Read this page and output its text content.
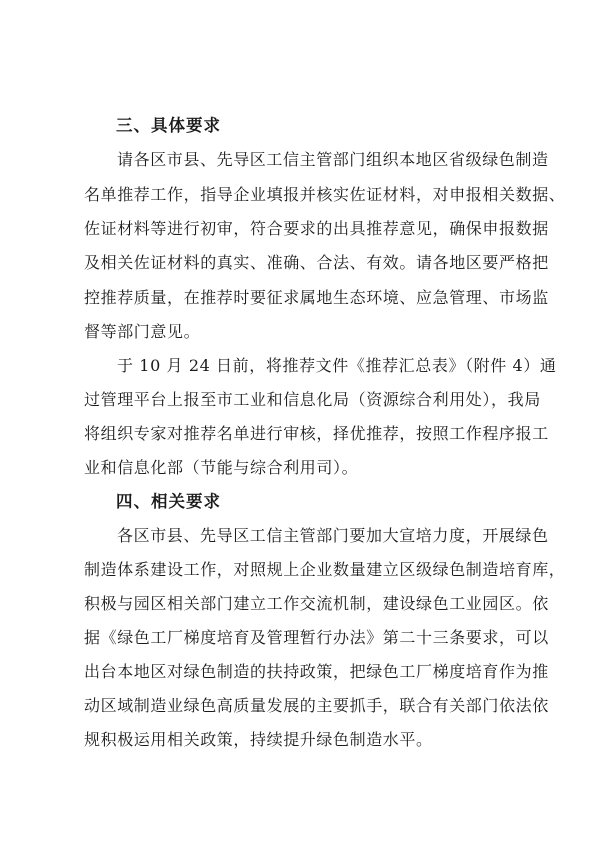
三、具体要求
请各区市县、先导区工信主管部门组织本地区省级绿色制造
名单推荐工作，指导企业填报并核实佐证材料，对申报相关数据、
佐证材料等进行初审，符合要求的出具推荐意见，确保申报数据
及相关佐证材料的真实、准确、合法、有效。请各地区要严格把
控推荐质量，在推荐时要征求属地生态环境、应急管理、市场监
督等部门意见。
于 10 月 24 日前，将推荐文件《推荐汇总表》（附件 4）通
过管理平台上报至市工业和信息化局（资源综合利用处），我局
将组织专家对推荐名单进行审核，择优推荐，按照工作程序报工
业和信息化部（节能与综合利用司）。
四、相关要求
各区市县、先导区工信主管部门要加大宣培力度，开展绿色
制造体系建设工作，对照规上企业数量建立区级绿色制造培育库，
积极与园区相关部门建立工作交流机制，建设绿色工业园区。依
据《绿色工厂梯度培育及管理暂行办法》第二十三条要求，可以
出台本地区对绿色制造的扶持政策，把绿色工厂梯度培育作为推
动区域制造业绿色高质量发展的主要抓手，联合有关部门依法依
规积极运用相关政策，持续提升绿色制造水平。
